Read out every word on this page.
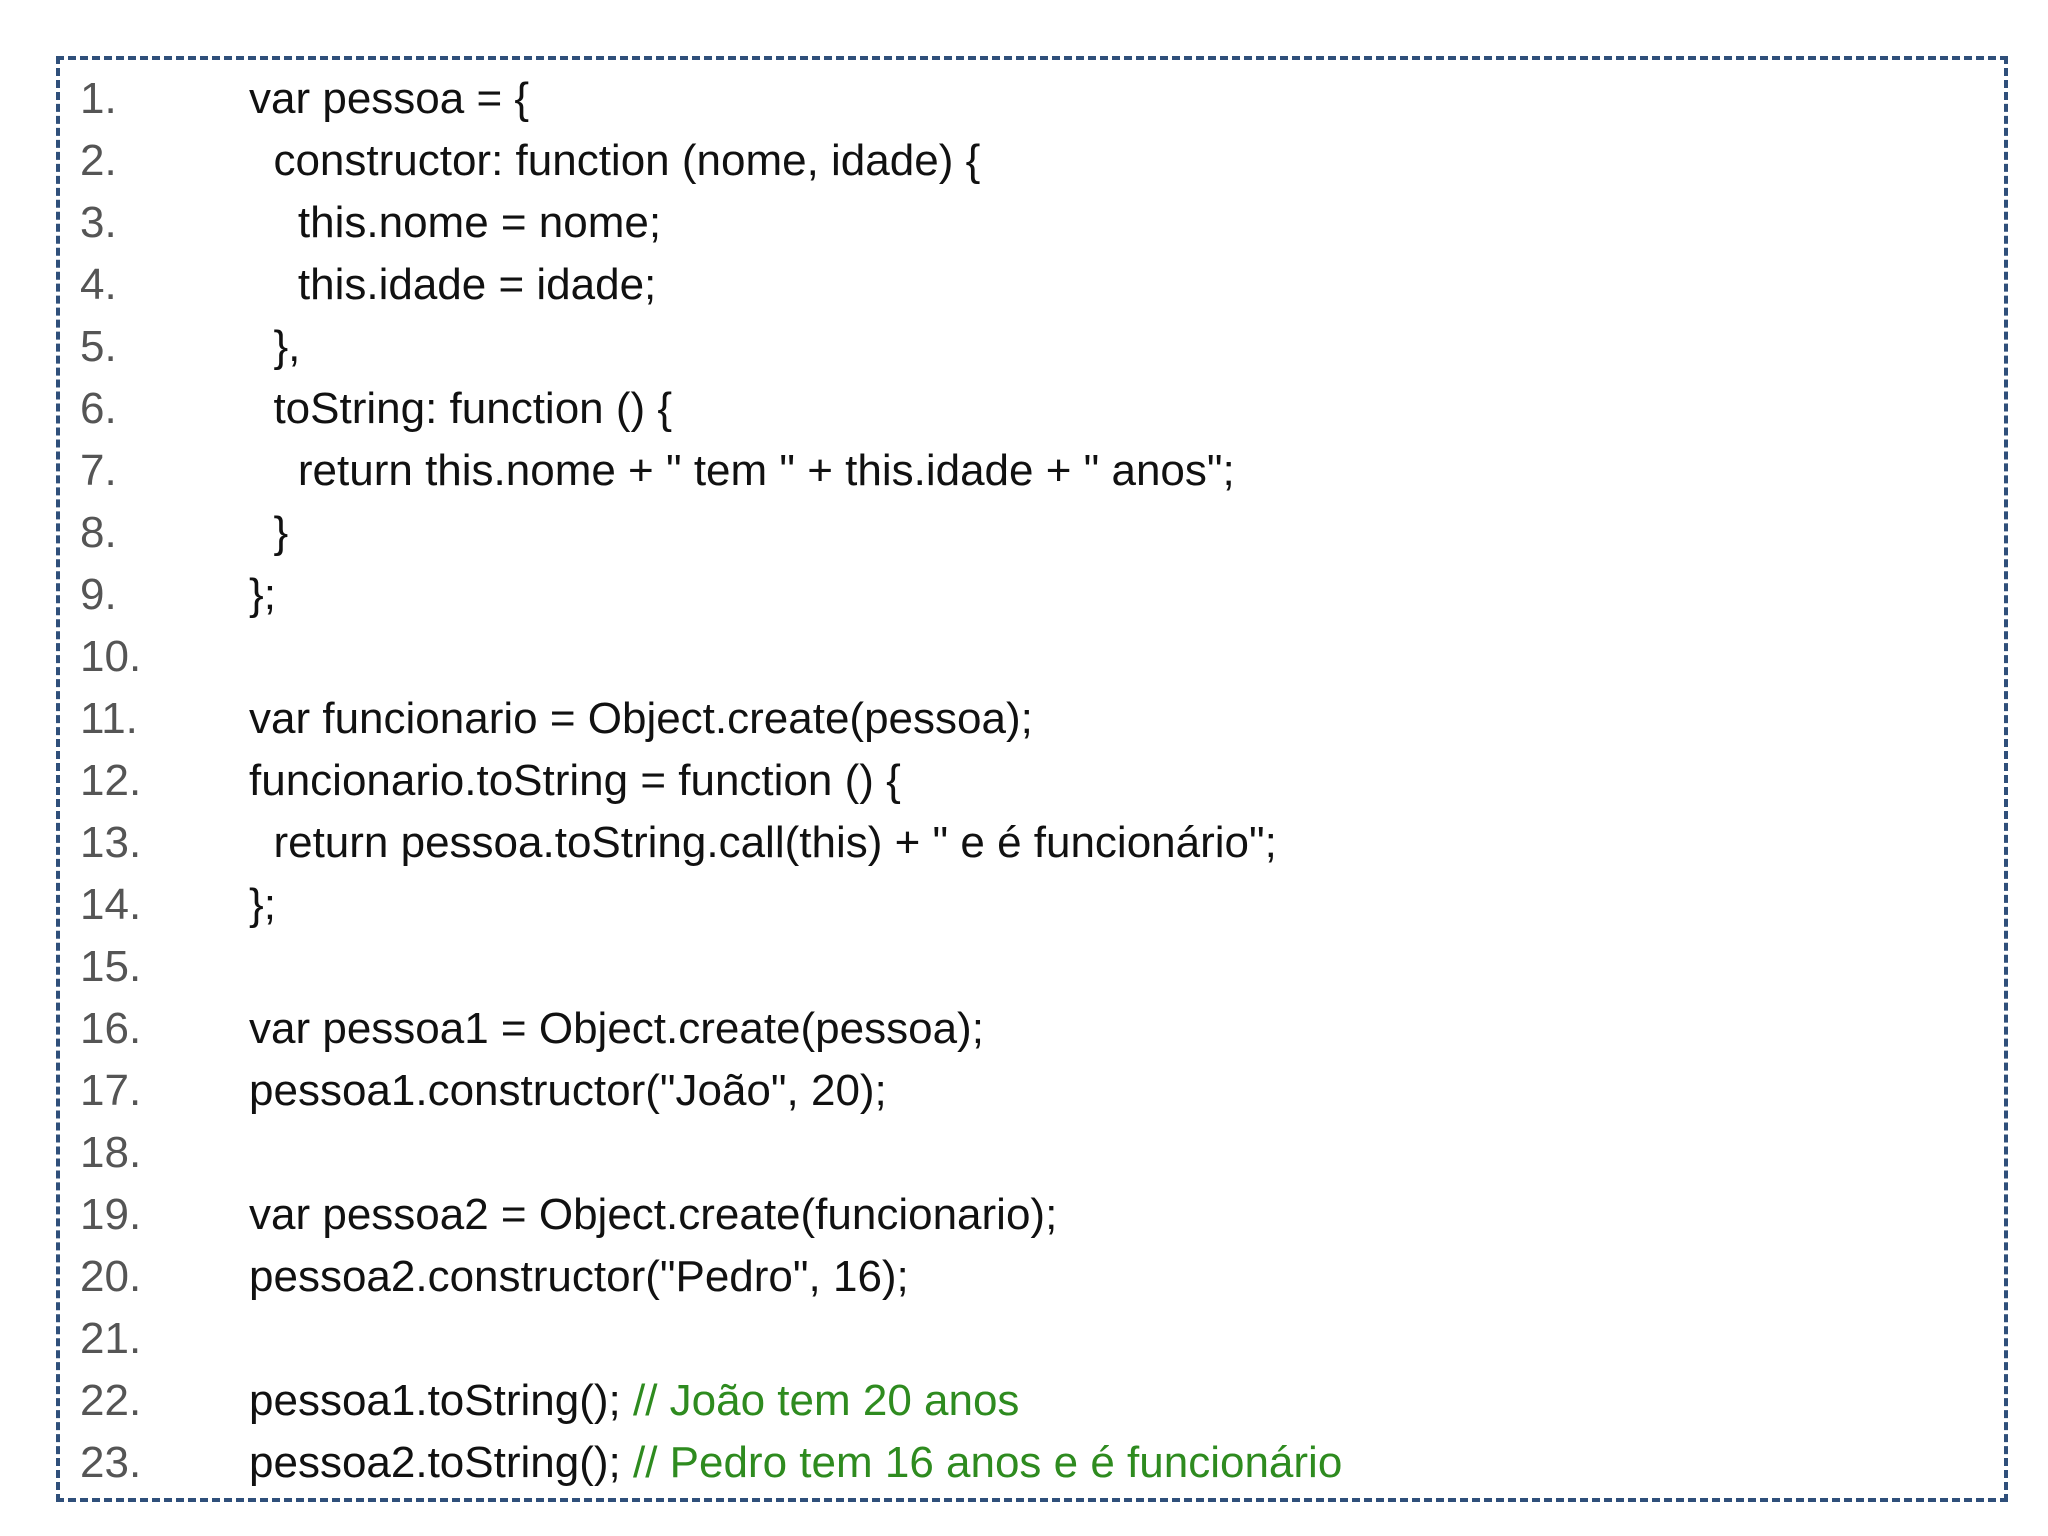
1.	var pessoa = {
2.	constructor: function (nome, idade) {
3.	this.nome = nome;
4.	this.idade = idade;
5.	},
6.	toString: function () {
7.	return this.nome + " tem " + this.idade + " anos";
8.	}
9.	};
10.
11.	var funcionario = Object.create(pessoa);
12. funcionario.toString = function () {
13.  return pessoa.toString.call(this) + " e é funcionário";
14. };
15.
16. var pessoa1 = Object.create(pessoa);
17. pessoa1.constructor("João", 20);
18.
19. var pessoa2 = Object.create(funcionario);
20. pessoa2.constructor("Pedro", 16);
21.
22. pessoa1.toString(); // João tem 20 anos
23. pessoa2.toString(); // Pedro tem 16 anos e é funcionário
